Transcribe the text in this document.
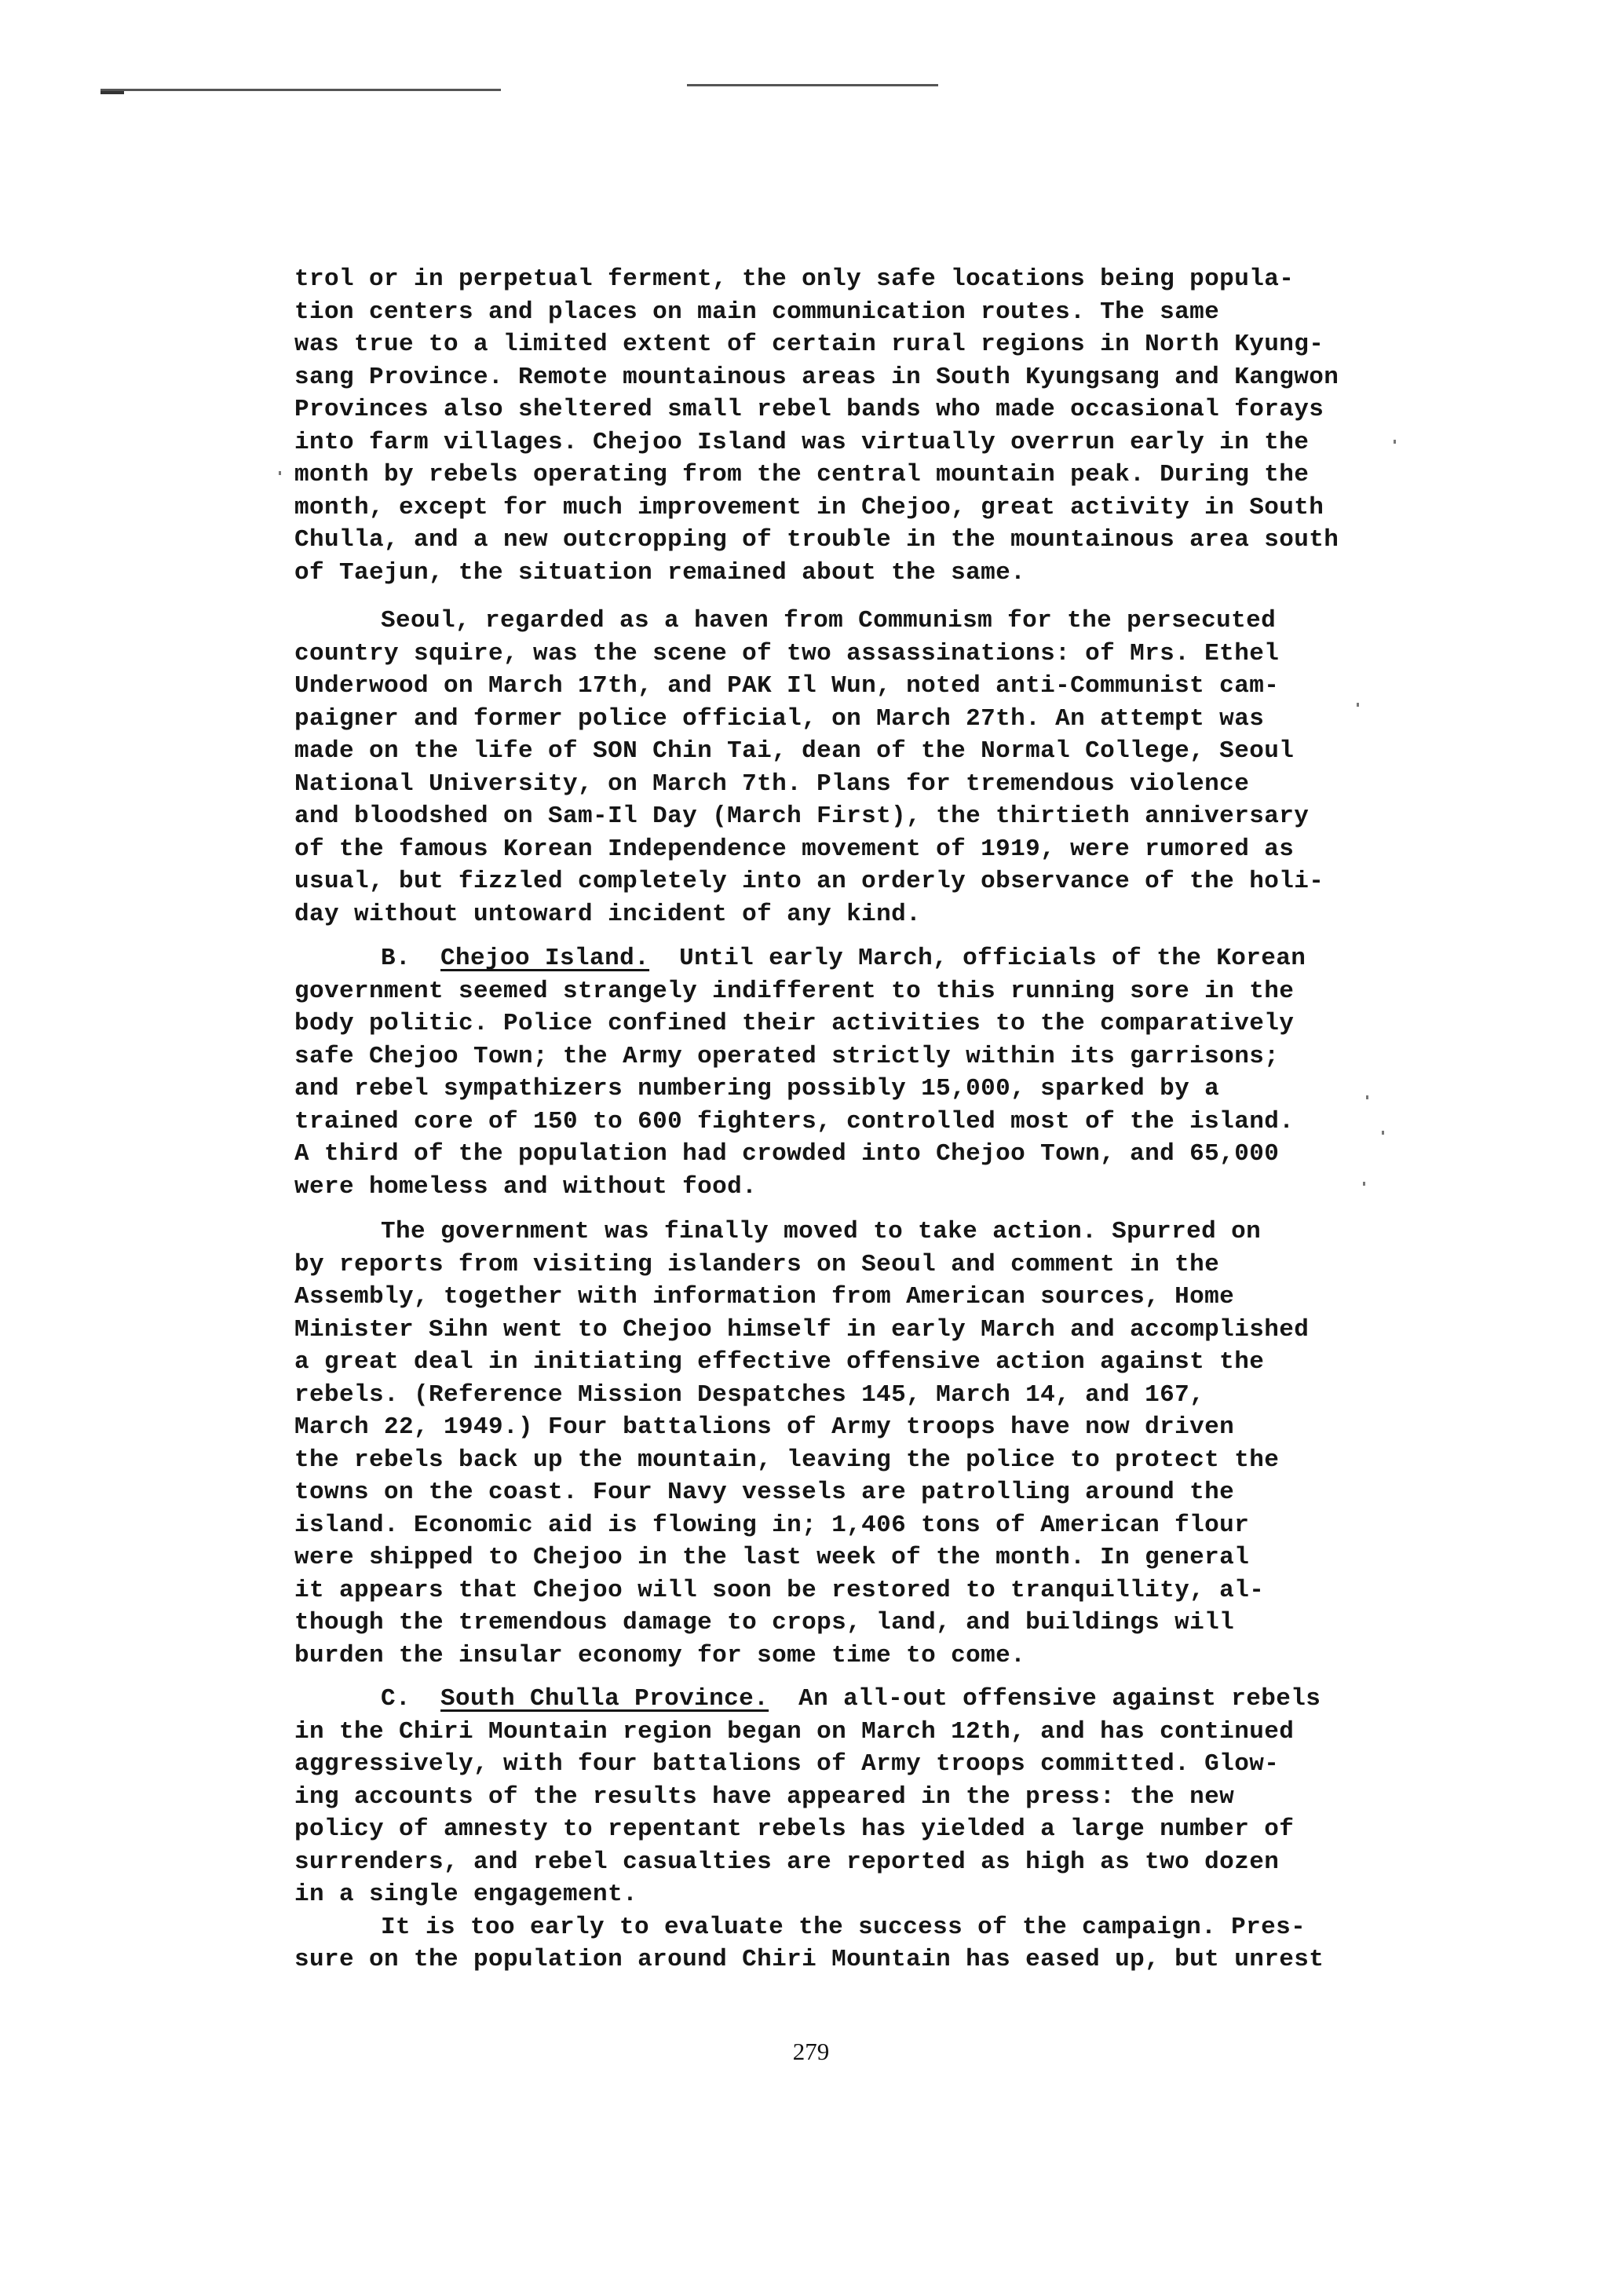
trol or in perpetual ferment, the only safe locations being popula-

tion centers and places on main communication routes. The same

was true to a limited extent of certain rural regions in North Kyung-

sang Province. Remote mountainous areas in South Kyungsang and Kangwon

Provinces also sheltered small rebel bands who made occasional forays

into farm villages. Chejoo Island was virtually overrun early in the

month by rebels operating from the central mountain peak. During the

month, except for much improvement in Chejoo, great activity in South

Chulla, and a new outcropping of trouble in the mountainous area south

of Taejun, the situation remained about the same.

Seoul, regarded as a haven from Communism for the persecuted

country squire, was the scene of two assassinations: of Mrs. Ethel

Underwood on March 17th, and PAK Il Wun, noted anti-Communist cam-

paigner and former police official, on March 27th. An attempt was

made on the life of SON Chin Tai, dean of the Normal College, Seoul

National University, on March 7th. Plans for tremendous violence

and bloodshed on Sam-Il Day (March First), the thirtieth anniversary

of the famous Korean Independence movement of 1919, were rumored as

usual, but fizzled completely into an orderly observance of the holi-

day without untoward incident of any kind.

B. Chejoo Island. Until early March, officials of the Korean

government seemed strangely indifferent to this running sore in the

body politic. Police confined their activities to the comparatively

safe Chejoo Town; the Army operated strictly within its garrisons;

and rebel sympathizers numbering possibly 15,000, sparked by a

trained core of 150 to 600 fighters, controlled most of the island.

A third of the population had crowded into Chejoo Town, and 65,000

were homeless and without food.

The government was finally moved to take action. Spurred on

by reports from visiting islanders on Seoul and comment in the

Assembly, together with information from American sources, Home

Minister Sihn went to Chejoo himself in early March and accomplished

a great deal in initiating effective offensive action against the

rebels. (Reference Mission Despatches 145, March 14, and 167,

March 22, 1949.) Four battalions of Army troops have now driven

the rebels back up the mountain, leaving the police to protect the

towns on the coast. Four Navy vessels are patrolling around the

island. Economic aid is flowing in; 1,406 tons of American flour

were shipped to Chejoo in the last week of the month. In general

it appears that Chejoo will soon be restored to tranquillity, al-

though the tremendous damage to crops, land, and buildings will

burden the insular economy for some time to come.

C. South Chulla Province. An all-out offensive against rebels

in the Chiri Mountain region began on March 12th, and has continued

aggressively, with four battalions of Army troops committed. Glow-

ing accounts of the results have appeared in the press: the new

policy of amnesty to repentant rebels has yielded a large number of

surrenders, and rebel casualties are reported as high as two dozen

in a single engagement.

It is too early to evaluate the success of the campaign. Pres-

sure on the population around Chiri Mountain has eased up, but unrest

279
